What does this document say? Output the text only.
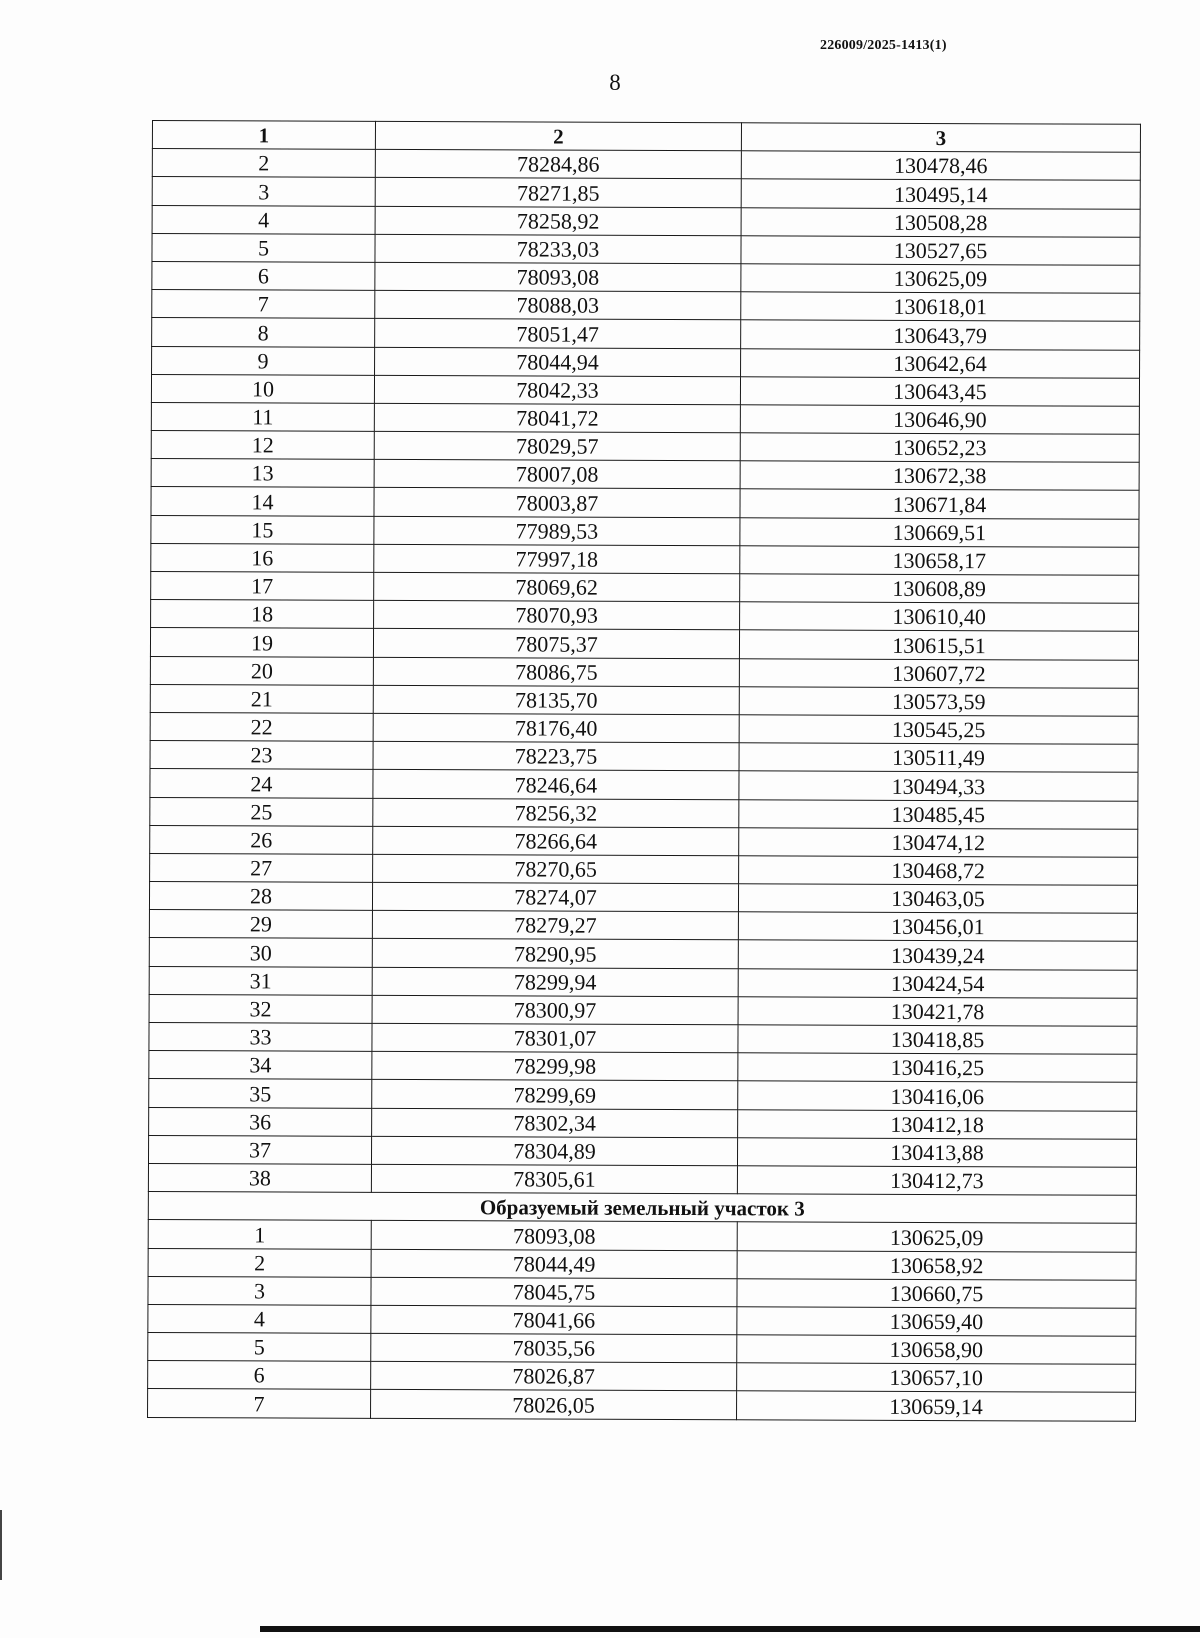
226009/2025-1413(1)
8
1	2	3
2	78284,86	130478,46
3	78271,85	130495,14
4	78258,92	130508,28
5	78233,03	130527,65
6	78093,08	130625,09
7	78088,03	130618,01
8	78051,47	130643,79
9	78044,94	130642,64
10	78042,33	130643,45
11	78041,72	130646,90
12	78029,57	130652,23
13	78007,08	130672,38
14	78003,87	130671,84
15	77989,53	130669,51
16	77997,18	130658,17
17	78069,62	130608,89
18	78070,93	130610,40
19	78075,37	130615,51
20	78086,75	130607,72
21	78135,70	130573,59
22	78176,40	130545,25
23	78223,75	130511,49
24	78246,64	130494,33
25	78256,32	130485,45
26	78266,64	130474,12
27	78270,65	130468,72
28	78274,07	130463,05
29	78279,27	130456,01
30	78290,95	130439,24
31	78299,94	130424,54
32	78300,97	130421,78
33	78301,07	130418,85
34	78299,98	130416,25
35	78299,69	130416,06
36	78302,34	130412,18
37	78304,89	130413,88
38	78305,61	130412,73
Образуемый земельный участок 3		
1	78093,08	130625,09
2	78044,49	130658,92
3	78045,75	130660,75
4	78041,66	130659,40
5	78035,56	130658,90
6	78026,87	130657,10
7	78026,05	130659,14
